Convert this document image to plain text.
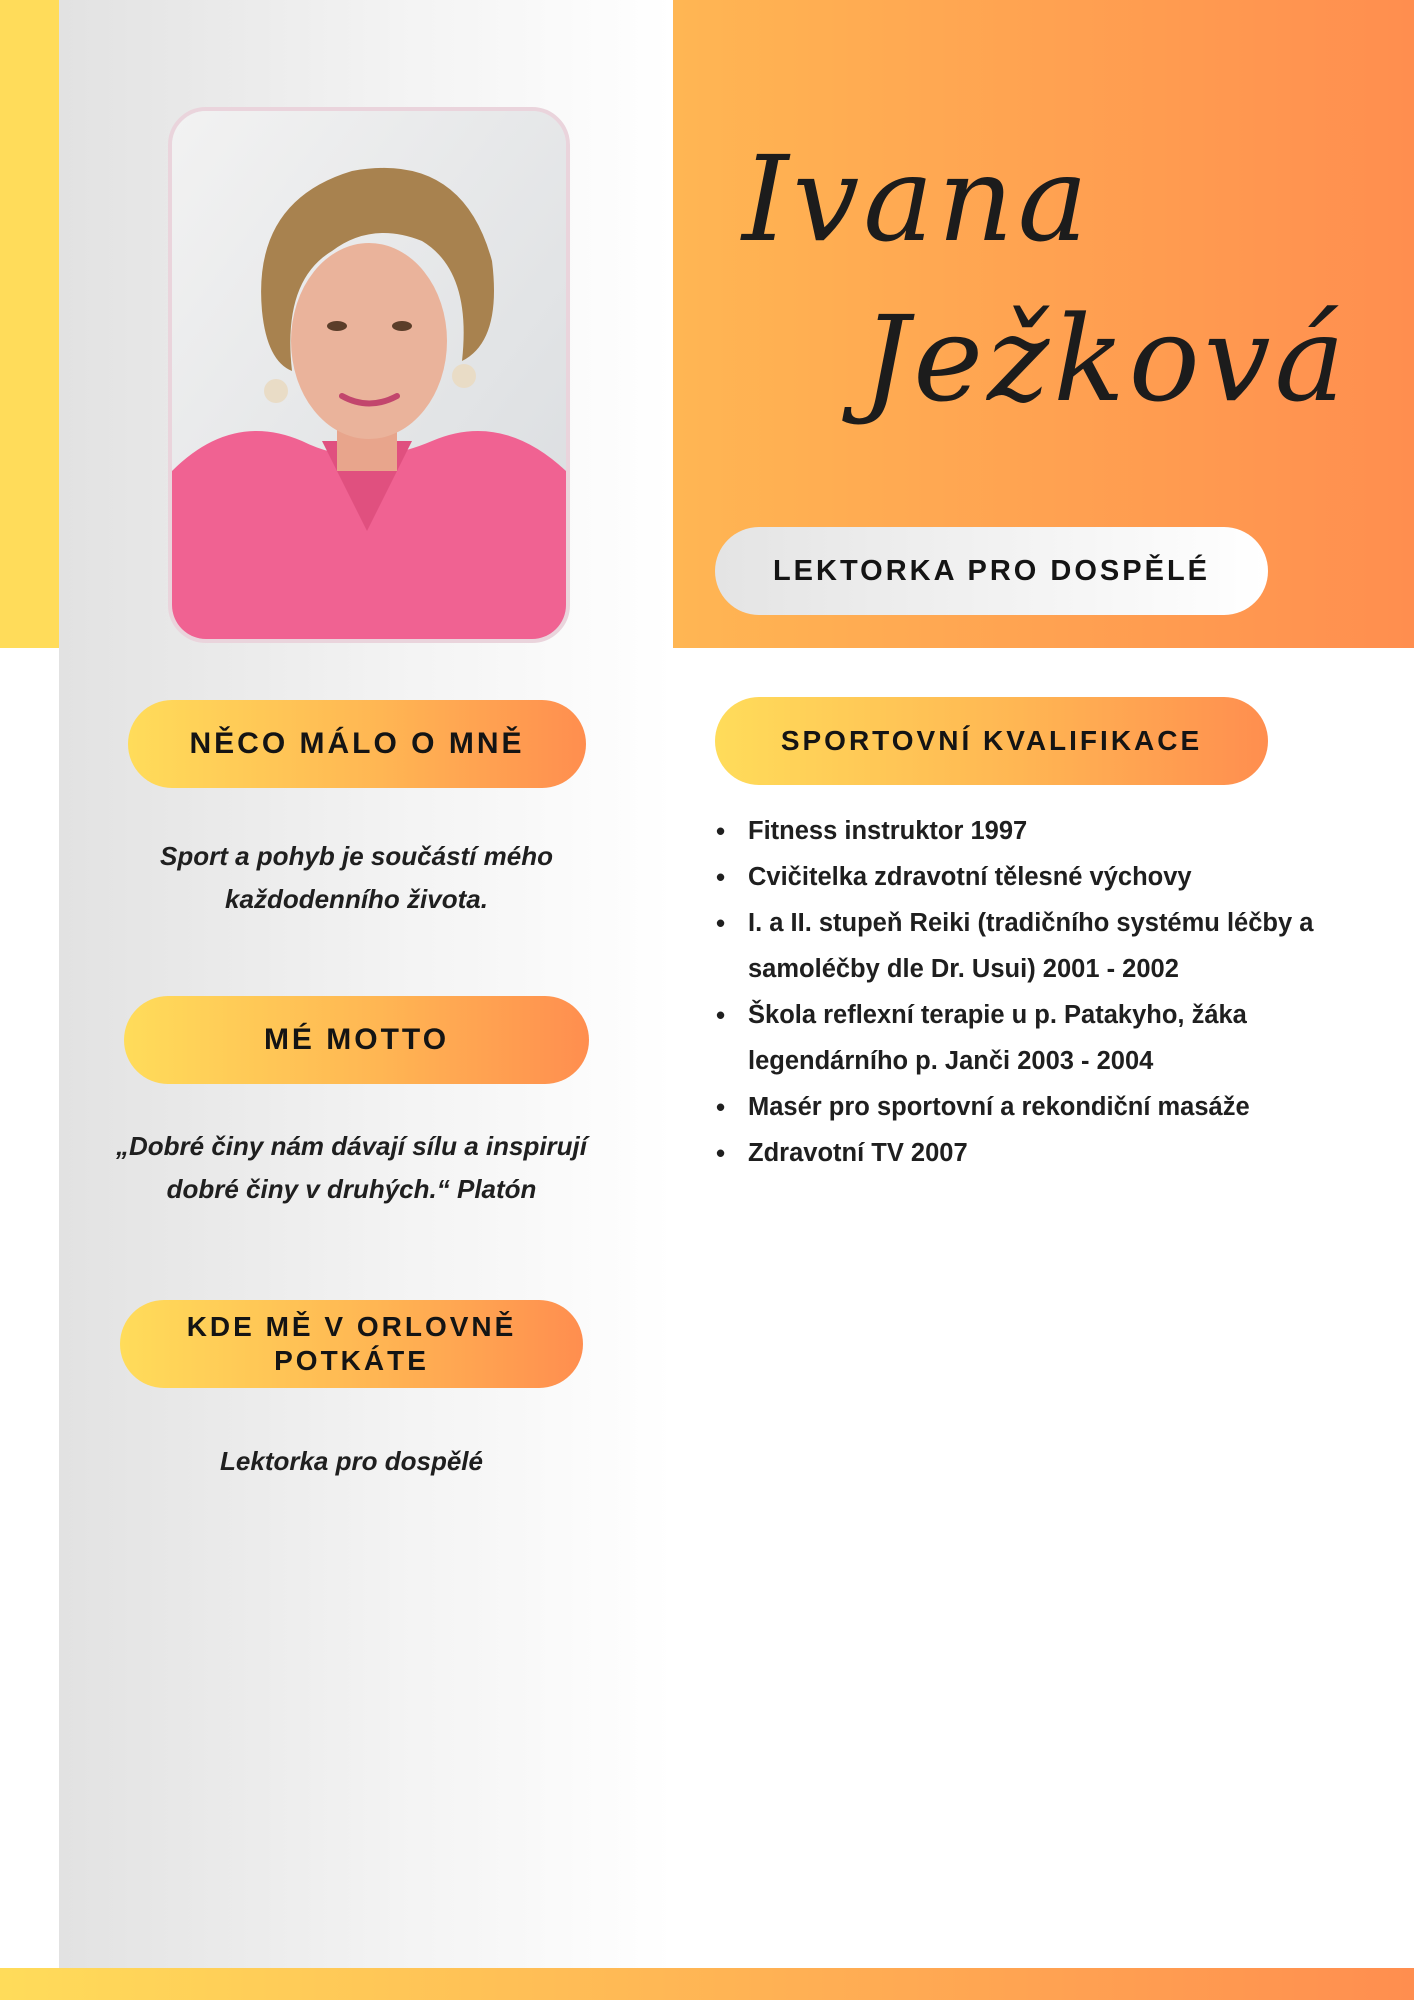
Ivana
Ježková
LEKTORKA PRO DOSPĚLÉ
NĚCO MÁLO O MNĚ
Sport a pohyb je součástí mého každodenního života.
MÉ MOTTO
„Dobré činy nám dávají sílu a inspirují dobré činy v druhých.“ Platón
KDE MĚ V ORLOVNĚ POTKÁTE
Lektorka pro dospělé
SPORTOVNÍ KVALIFIKACE
• Fitness instruktor 1997
• Cvičitelka zdravotní tělesné výchovy
• I. a II. stupeň Reiki (tradičního systému léčby a samoléčby dle Dr. Usui) 2001 - 2002
• Škola reflexní terapie u p. Patakyho, žáka legendárního p. Janči 2003 - 2004
• Masér pro sportovní a rekondiční masáže
• Zdravotní TV 2007
